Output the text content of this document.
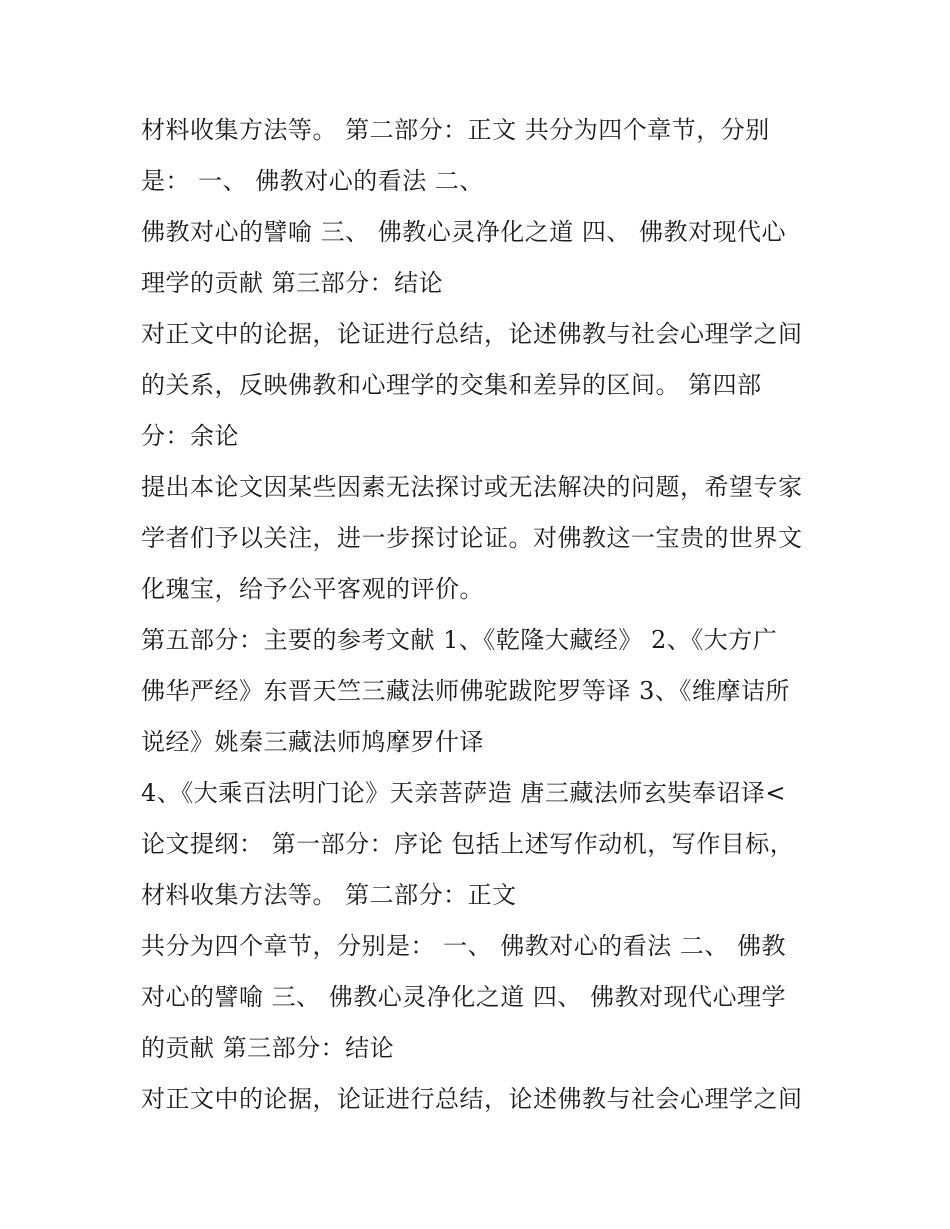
材料收集方法等。 第二部分：正文 共分为四个章节，分别
是： 一、 佛教对心的看法 二、
佛教对心的譬喻 三、 佛教心灵净化之道 四、 佛教对现代心
理学的贡献 第三部分：结论
对正文中的论据，论证进行总结，论述佛教与社会心理学之间
的关系，反映佛教和心理学的交集和差异的区间。 第四部
分：余论
提出本论文因某些因素无法探讨或无法解决的问题，希望专家
学者们予以关注，进一步探讨论证。对佛教这一宝贵的世界文
化瑰宝，给予公平客观的评价。
第五部分：主要的参考文献 1、《乾隆大藏经》 2、《大方广
佛华严经》东晋天竺三藏法师佛驼跋陀罗等译 3、《维摩诘所
说经》姚秦三藏法师鸠摩罗什译
4、《大乘百法明门论》天亲菩萨造 唐三藏法师玄奘奉诏译<
论文提纲： 第一部分：序论 包括上述写作动机，写作目标，
材料收集方法等。 第二部分：正文
共分为四个章节，分别是： 一、 佛教对心的看法 二、 佛教
对心的譬喻 三、 佛教心灵净化之道 四、 佛教对现代心理学
的贡献 第三部分：结论
对正文中的论据，论证进行总结，论述佛教与社会心理学之间
